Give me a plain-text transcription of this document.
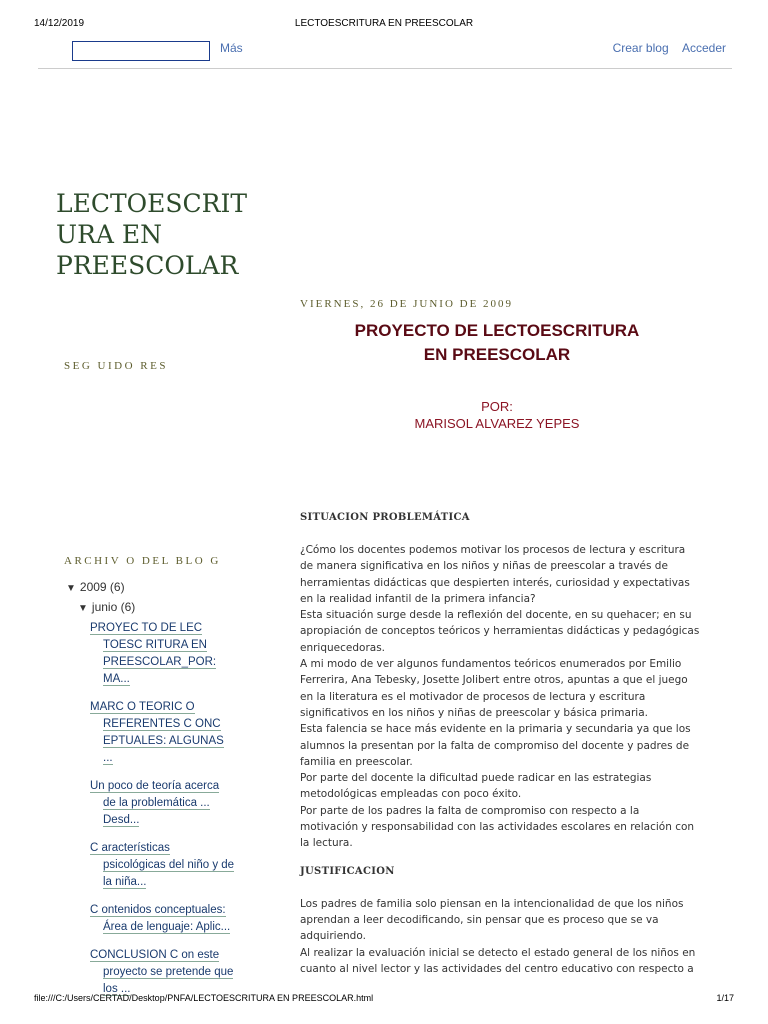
14/12/2019	LECTOESCRITURA EN PREESCOLAR
Más	Crear blog Acceder
LECTOESCRIT URA EN PREESCOLAR
SEG UIDO RES
ARCHIV O DEL BLO G
▼ 2009 (6)
▼ junio (6)
PROYEC TO DE LEC TOESC RITURA EN PREESCOLAR_POR: MA...
MARC O TEORIC O REFERENTES C ONC EPTUALES: ALGUNAS ...
Un poco de teoría acerca de la problemática ... Desd...
C aracterísticas psicológicas del niño y de la niña...
C ontenidos conceptuales: Área de lenguaje: Aplic...
CONCLUSION C on este proyecto se pretende que los ...
VIERNES, 26 DE JUNIO DE 2009
PROYECTO DE LECTOESCRITURA
EN PREESCOLAR
POR:
MARISOL ALVAREZ YEPES
SITUACION PROBLEMÁTICA

¿Cómo los docentes podemos motivar los procesos de lectura y escritura de manera significativa en los niños y niñas de preescolar a través de herramientas didácticas que despierten interés, curiosidad y expectativas en la realidad infantil de la primera infancia?

Esta situación surge desde la reflexión del docente, en su quehacer; en su apropiación de conceptos teóricos y herramientas didácticas y pedagógicas enriquecedoras.

A mi modo de ver algunos fundamentos teóricos enumerados por Emilio Ferrerira, Ana Tebesky, Josette Jolibert entre otros, apuntas a que el juego en la literatura es el motivador de procesos de lectura y escritura significativos en los niños y niñas de preescolar y básica primaria.

Esta falencia se hace más evidente en la primaria y secundaria ya que los alumnos la presentan por la falta de compromiso del docente y padres de familia en preescolar.

Por parte del docente la dificultad puede radicar en las estrategias metodológicas empleadas con poco éxito.

Por parte de los padres la falta de compromiso con respecto a la motivación y responsabilidad con las actividades escolares en relación con la lectura.

JUSTIFICACION

Los padres de familia solo piensan en la intencionalidad de que los niños aprendan a leer decodificando, sin pensar que es proceso que se va adquiriendo.

Al realizar la evaluación inicial se detecto el estado general de los niños en cuanto al nivel lector y las actividades del centro educativo con respecto a

file:///C:/Users/CERTAD/Desktop/PNFA/LECTOESCRITURA EN PREESCOLAR.html	1/17
